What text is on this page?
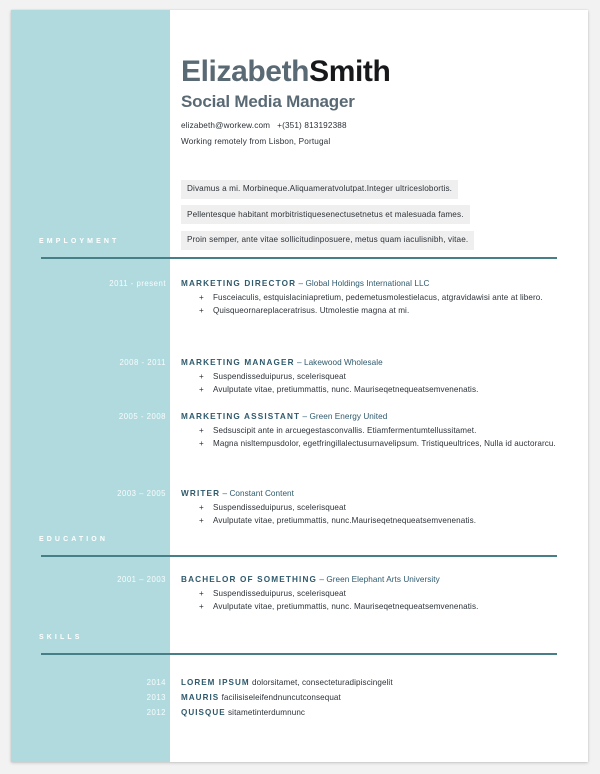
ElizabethSmith
Social Media Manager
elizabeth@workew.com +(351) 813192388
Working remotely from Lisbon, Portugal
Divamus a mi. Morbineque.Aliquameratvolutpat.Integer ultriceslobortis.
Pellentesque habitant morbitristiquesenectusetnetus et malesuada fames.
Proin semper, ante vitae sollicitudinposuere, metus quam iaculisnibh, vitae.
EMPLOYMENT
2011 - present MARKETING DIRECTOR – Global Holdings International LLC
+ Fusceiaculis, estquislaciniapretium, pedemetusmolestielacus, atgravidawisi ante at libero.
+ Quisqueornareplaceratrisus. Utmolestie magna at mi.
2008 - 2011 MARKETING MANAGER – Lakewood Wholesale
+ Suspendisseduipurus, scelerisqueat
+ Avulputate vitae, pretiummattis, nunc. Mauriseqetnequeatsemvenenatis.
2005 - 2008 MARKETING ASSISTANT – Green Energy United
+ Sedsuscipit ante in arcuegestasconvallis. Etiamfermentumtellussitamet.
+ Magna nisltempusdolor, egetfringillalectusurnavelipsum. Tristiqueultrices, Nulla id auctorarcu.
2003 – 2005 WRITER – Constant Content
+ Suspendisseduipurus, scelerisqueat
+ Avulputate vitae, pretiummattis, nunc.Mauriseqetnequeatsemvenenatis.
EDUCATION
2001 – 2003 BACHELOR OF SOMETHING – Green Elephant Arts University
+ Suspendisseduipurus, scelerisqueat
+ Avulputate vitae, pretiummattis, nunc. Mauriseqetnequeatsemvenenatis.
SKILLS
2014 LOREM IPSUM dolorsitamet, consecteturadipiscingelit
2013 MAURIS facilisiseleifendnuncutconsequat
2012 QUISQUE sitametinterdumnunc
